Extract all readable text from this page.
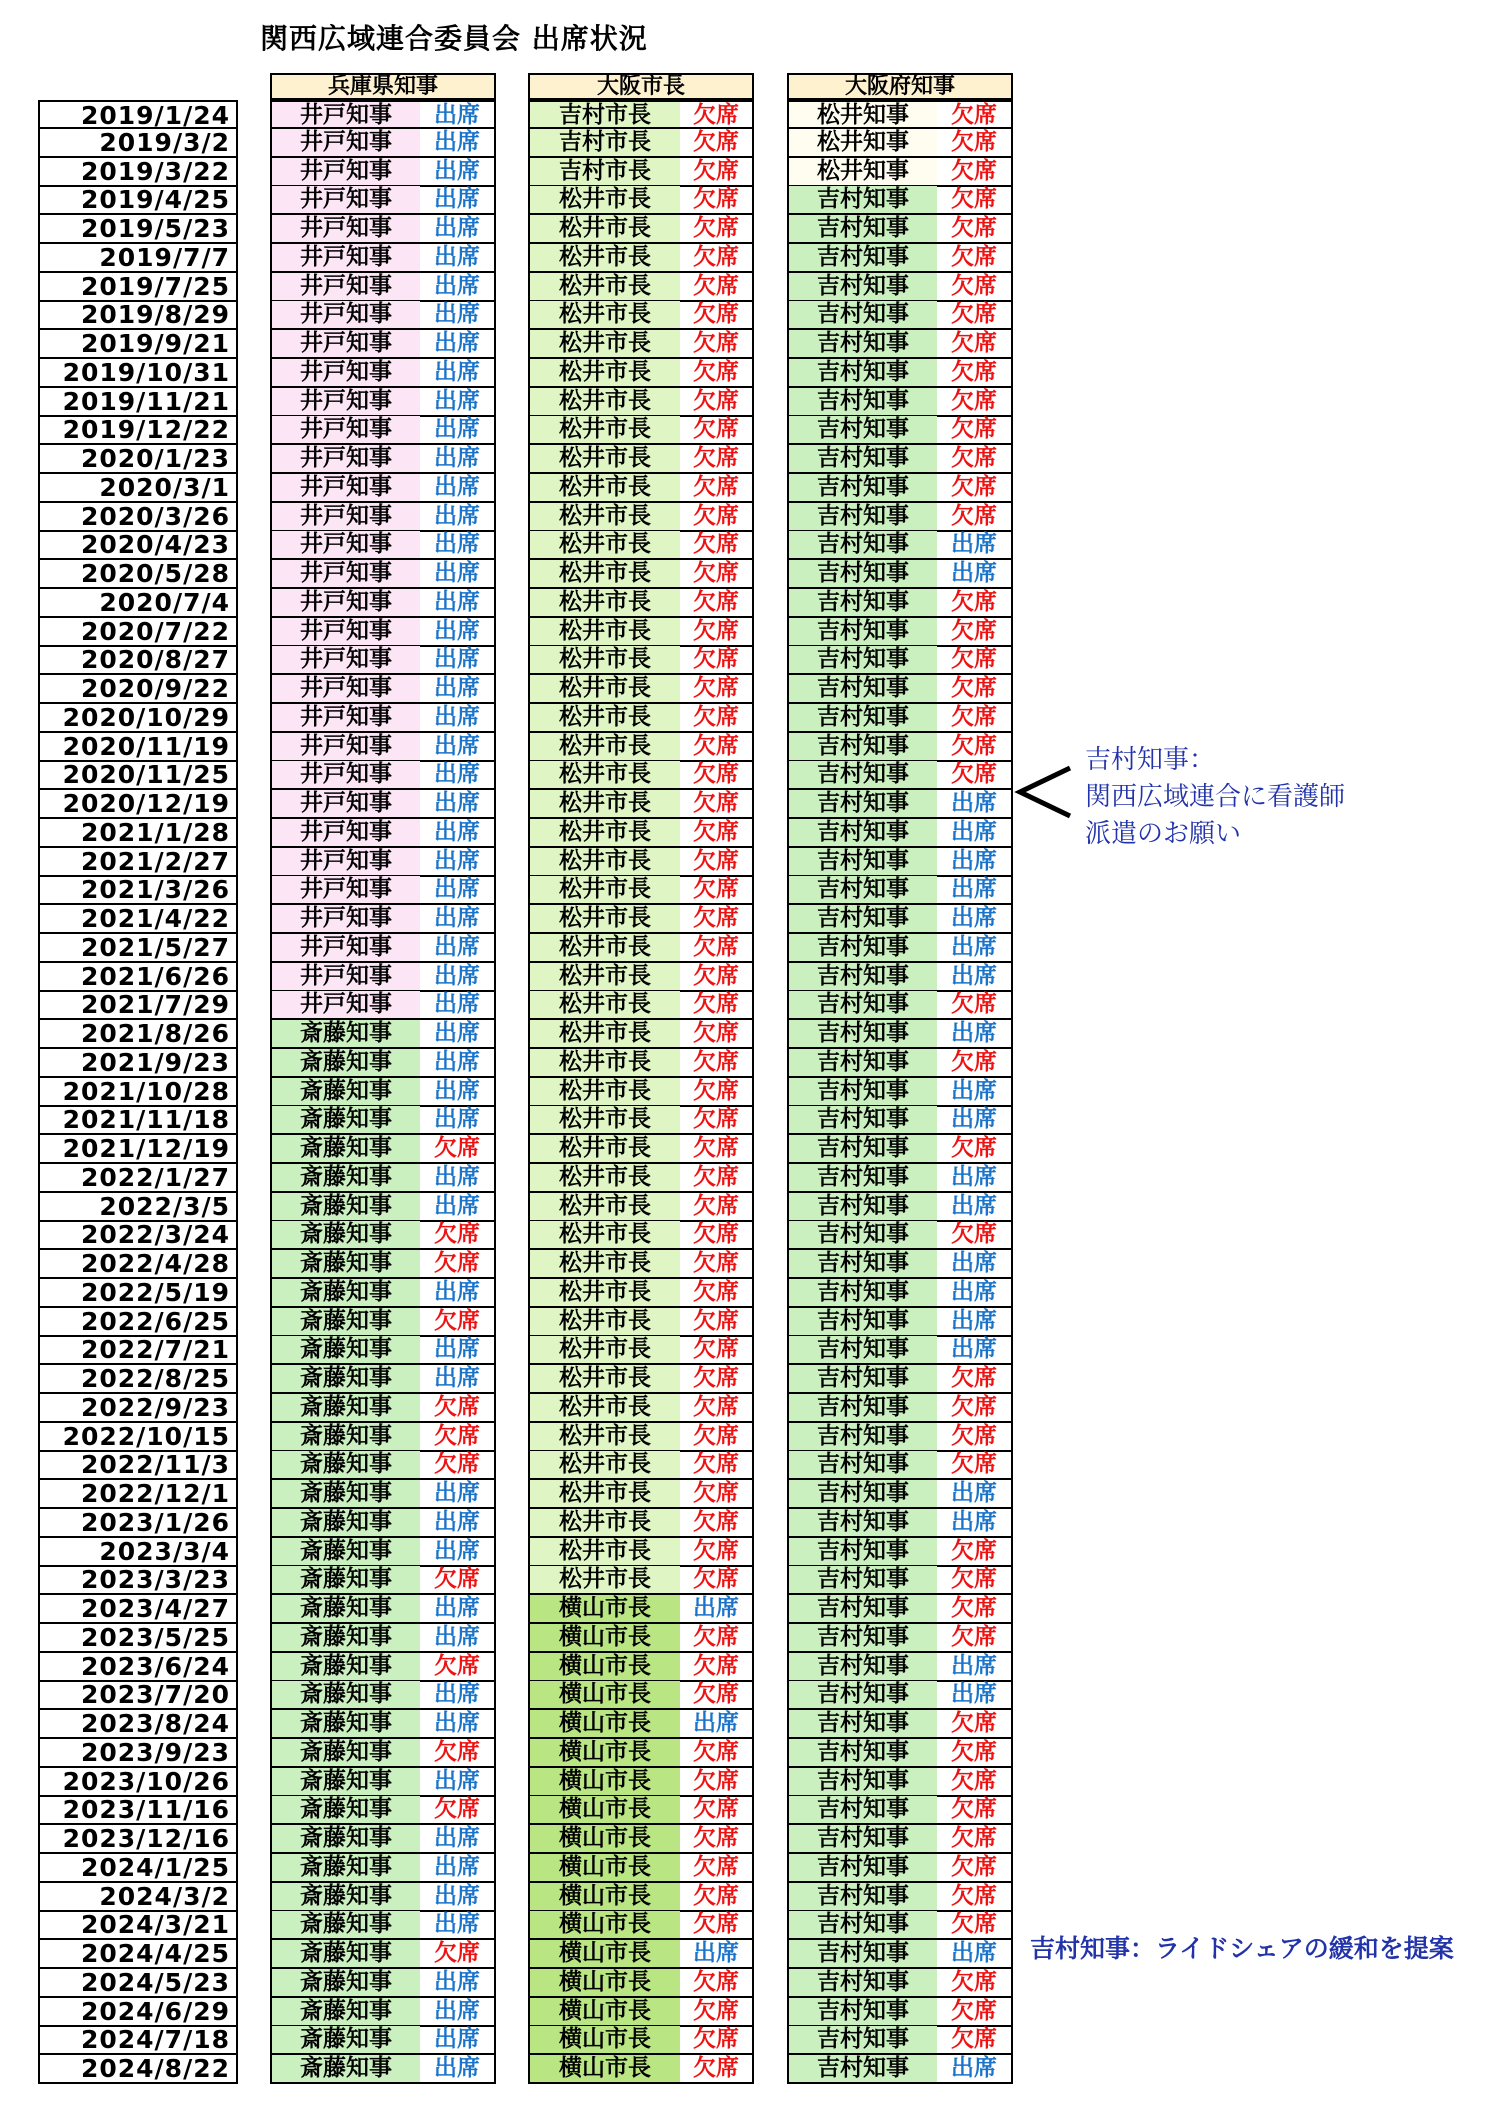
関西広域連合委員会 出席状況
兵庫県知事	大阪市長	大阪府知事
2019/1/24	井戸知事	出席	吉村市長	欠席	松井知事	欠席
2019/3/2	井戸知事	出席	吉村市長	欠席	松井知事	欠席
2019/3/22	井戸知事	出席	吉村市長	欠席	松井知事	欠席
2019/4/25	井戸知事	出席	松井市長	欠席	吉村知事	欠席
2019/5/23	井戸知事	出席	松井市長	欠席	吉村知事	欠席
2019/7/7	井戸知事	出席	松井市長	欠席	吉村知事	欠席
2019/7/25	井戸知事	出席	松井市長	欠席	吉村知事	欠席
2019/8/29	井戸知事	出席	松井市長	欠席	吉村知事	欠席
2019/9/21	井戸知事	出席	松井市長	欠席	吉村知事	欠席
2019/10/31	井戸知事	出席	松井市長	欠席	吉村知事	欠席
2019/11/21	井戸知事	出席	松井市長	欠席	吉村知事	欠席
2019/12/22	井戸知事	出席	松井市長	欠席	吉村知事	欠席
2020/1/23	井戸知事	出席	松井市長	欠席	吉村知事	欠席
2020/3/1	井戸知事	出席	松井市長	欠席	吉村知事	欠席
2020/3/26	井戸知事	出席	松井市長	欠席	吉村知事	欠席
2020/4/23	井戸知事	出席	松井市長	欠席	吉村知事	出席
2020/5/28	井戸知事	出席	松井市長	欠席	吉村知事	出席
2020/7/4	井戸知事	出席	松井市長	欠席	吉村知事	欠席
2020/7/22	井戸知事	出席	松井市長	欠席	吉村知事	欠席
2020/8/27	井戸知事	出席	松井市長	欠席	吉村知事	欠席
2020/9/22	井戸知事	出席	松井市長	欠席	吉村知事	欠席
2020/10/29	井戸知事	出席	松井市長	欠席	吉村知事	欠席
2020/11/19	井戸知事	出席	松井市長	欠席	吉村知事	欠席
2020/11/25	井戸知事	出席	松井市長	欠席	吉村知事	欠席
2020/12/19	井戸知事	出席	松井市長	欠席	吉村知事	出席
2021/1/28	井戸知事	出席	松井市長	欠席	吉村知事	出席
2021/2/27	井戸知事	出席	松井市長	欠席	吉村知事	出席
2021/3/26	井戸知事	出席	松井市長	欠席	吉村知事	出席
2021/4/22	井戸知事	出席	松井市長	欠席	吉村知事	出席
2021/5/27	井戸知事	出席	松井市長	欠席	吉村知事	出席
2021/6/26	井戸知事	出席	松井市長	欠席	吉村知事	出席
2021/7/29	井戸知事	出席	松井市長	欠席	吉村知事	欠席
2021/8/26	斎藤知事	出席	松井市長	欠席	吉村知事	出席
2021/9/23	斎藤知事	出席	松井市長	欠席	吉村知事	欠席
2021/10/28	斎藤知事	出席	松井市長	欠席	吉村知事	出席
2021/11/18	斎藤知事	出席	松井市長	欠席	吉村知事	出席
2021/12/19	斎藤知事	欠席	松井市長	欠席	吉村知事	欠席
2022/1/27	斎藤知事	出席	松井市長	欠席	吉村知事	出席
2022/3/5	斎藤知事	出席	松井市長	欠席	吉村知事	出席
2022/3/24	斎藤知事	欠席	松井市長	欠席	吉村知事	欠席
2022/4/28	斎藤知事	欠席	松井市長	欠席	吉村知事	出席
2022/5/19	斎藤知事	出席	松井市長	欠席	吉村知事	出席
2022/6/25	斎藤知事	欠席	松井市長	欠席	吉村知事	出席
2022/7/21	斎藤知事	出席	松井市長	欠席	吉村知事	出席
2022/8/25	斎藤知事	出席	松井市長	欠席	吉村知事	欠席
2022/9/23	斎藤知事	欠席	松井市長	欠席	吉村知事	欠席
2022/10/15	斎藤知事	欠席	松井市長	欠席	吉村知事	欠席
2022/11/3	斎藤知事	欠席	松井市長	欠席	吉村知事	欠席
2022/12/1	斎藤知事	出席	松井市長	欠席	吉村知事	出席
2023/1/26	斎藤知事	出席	松井市長	欠席	吉村知事	出席
2023/3/4	斎藤知事	出席	松井市長	欠席	吉村知事	欠席
2023/3/23	斎藤知事	欠席	松井市長	欠席	吉村知事	欠席
2023/4/27	斎藤知事	出席	横山市長	出席	吉村知事	欠席
2023/5/25	斎藤知事	出席	横山市長	欠席	吉村知事	欠席
2023/6/24	斎藤知事	欠席	横山市長	欠席	吉村知事	出席
2023/7/20	斎藤知事	出席	横山市長	欠席	吉村知事	出席
2023/8/24	斎藤知事	出席	横山市長	出席	吉村知事	欠席
2023/9/23	斎藤知事	欠席	横山市長	欠席	吉村知事	欠席
2023/10/26	斎藤知事	出席	横山市長	欠席	吉村知事	欠席
2023/11/16	斎藤知事	欠席	横山市長	欠席	吉村知事	欠席
2023/12/16	斎藤知事	出席	横山市長	欠席	吉村知事	欠席
2024/1/25	斎藤知事	出席	横山市長	欠席	吉村知事	欠席
2024/3/2	斎藤知事	出席	横山市長	欠席	吉村知事	欠席
2024/3/21	斎藤知事	出席	横山市長	欠席	吉村知事	欠席
2024/4/25	斎藤知事	欠席	横山市長	出席	吉村知事	出席
2024/5/23	斎藤知事	出席	横山市長	欠席	吉村知事	欠席
2024/6/29	斎藤知事	出席	横山市長	欠席	吉村知事	欠席
2024/7/18	斎藤知事	出席	横山市長	欠席	吉村知事	欠席
2024/8/22	斎藤知事	出席	横山市長	欠席	吉村知事	出席
吉村知事：
関西広域連合に看護師
派遣のお願い
吉村知事：ライドシェアの緩和を提案
